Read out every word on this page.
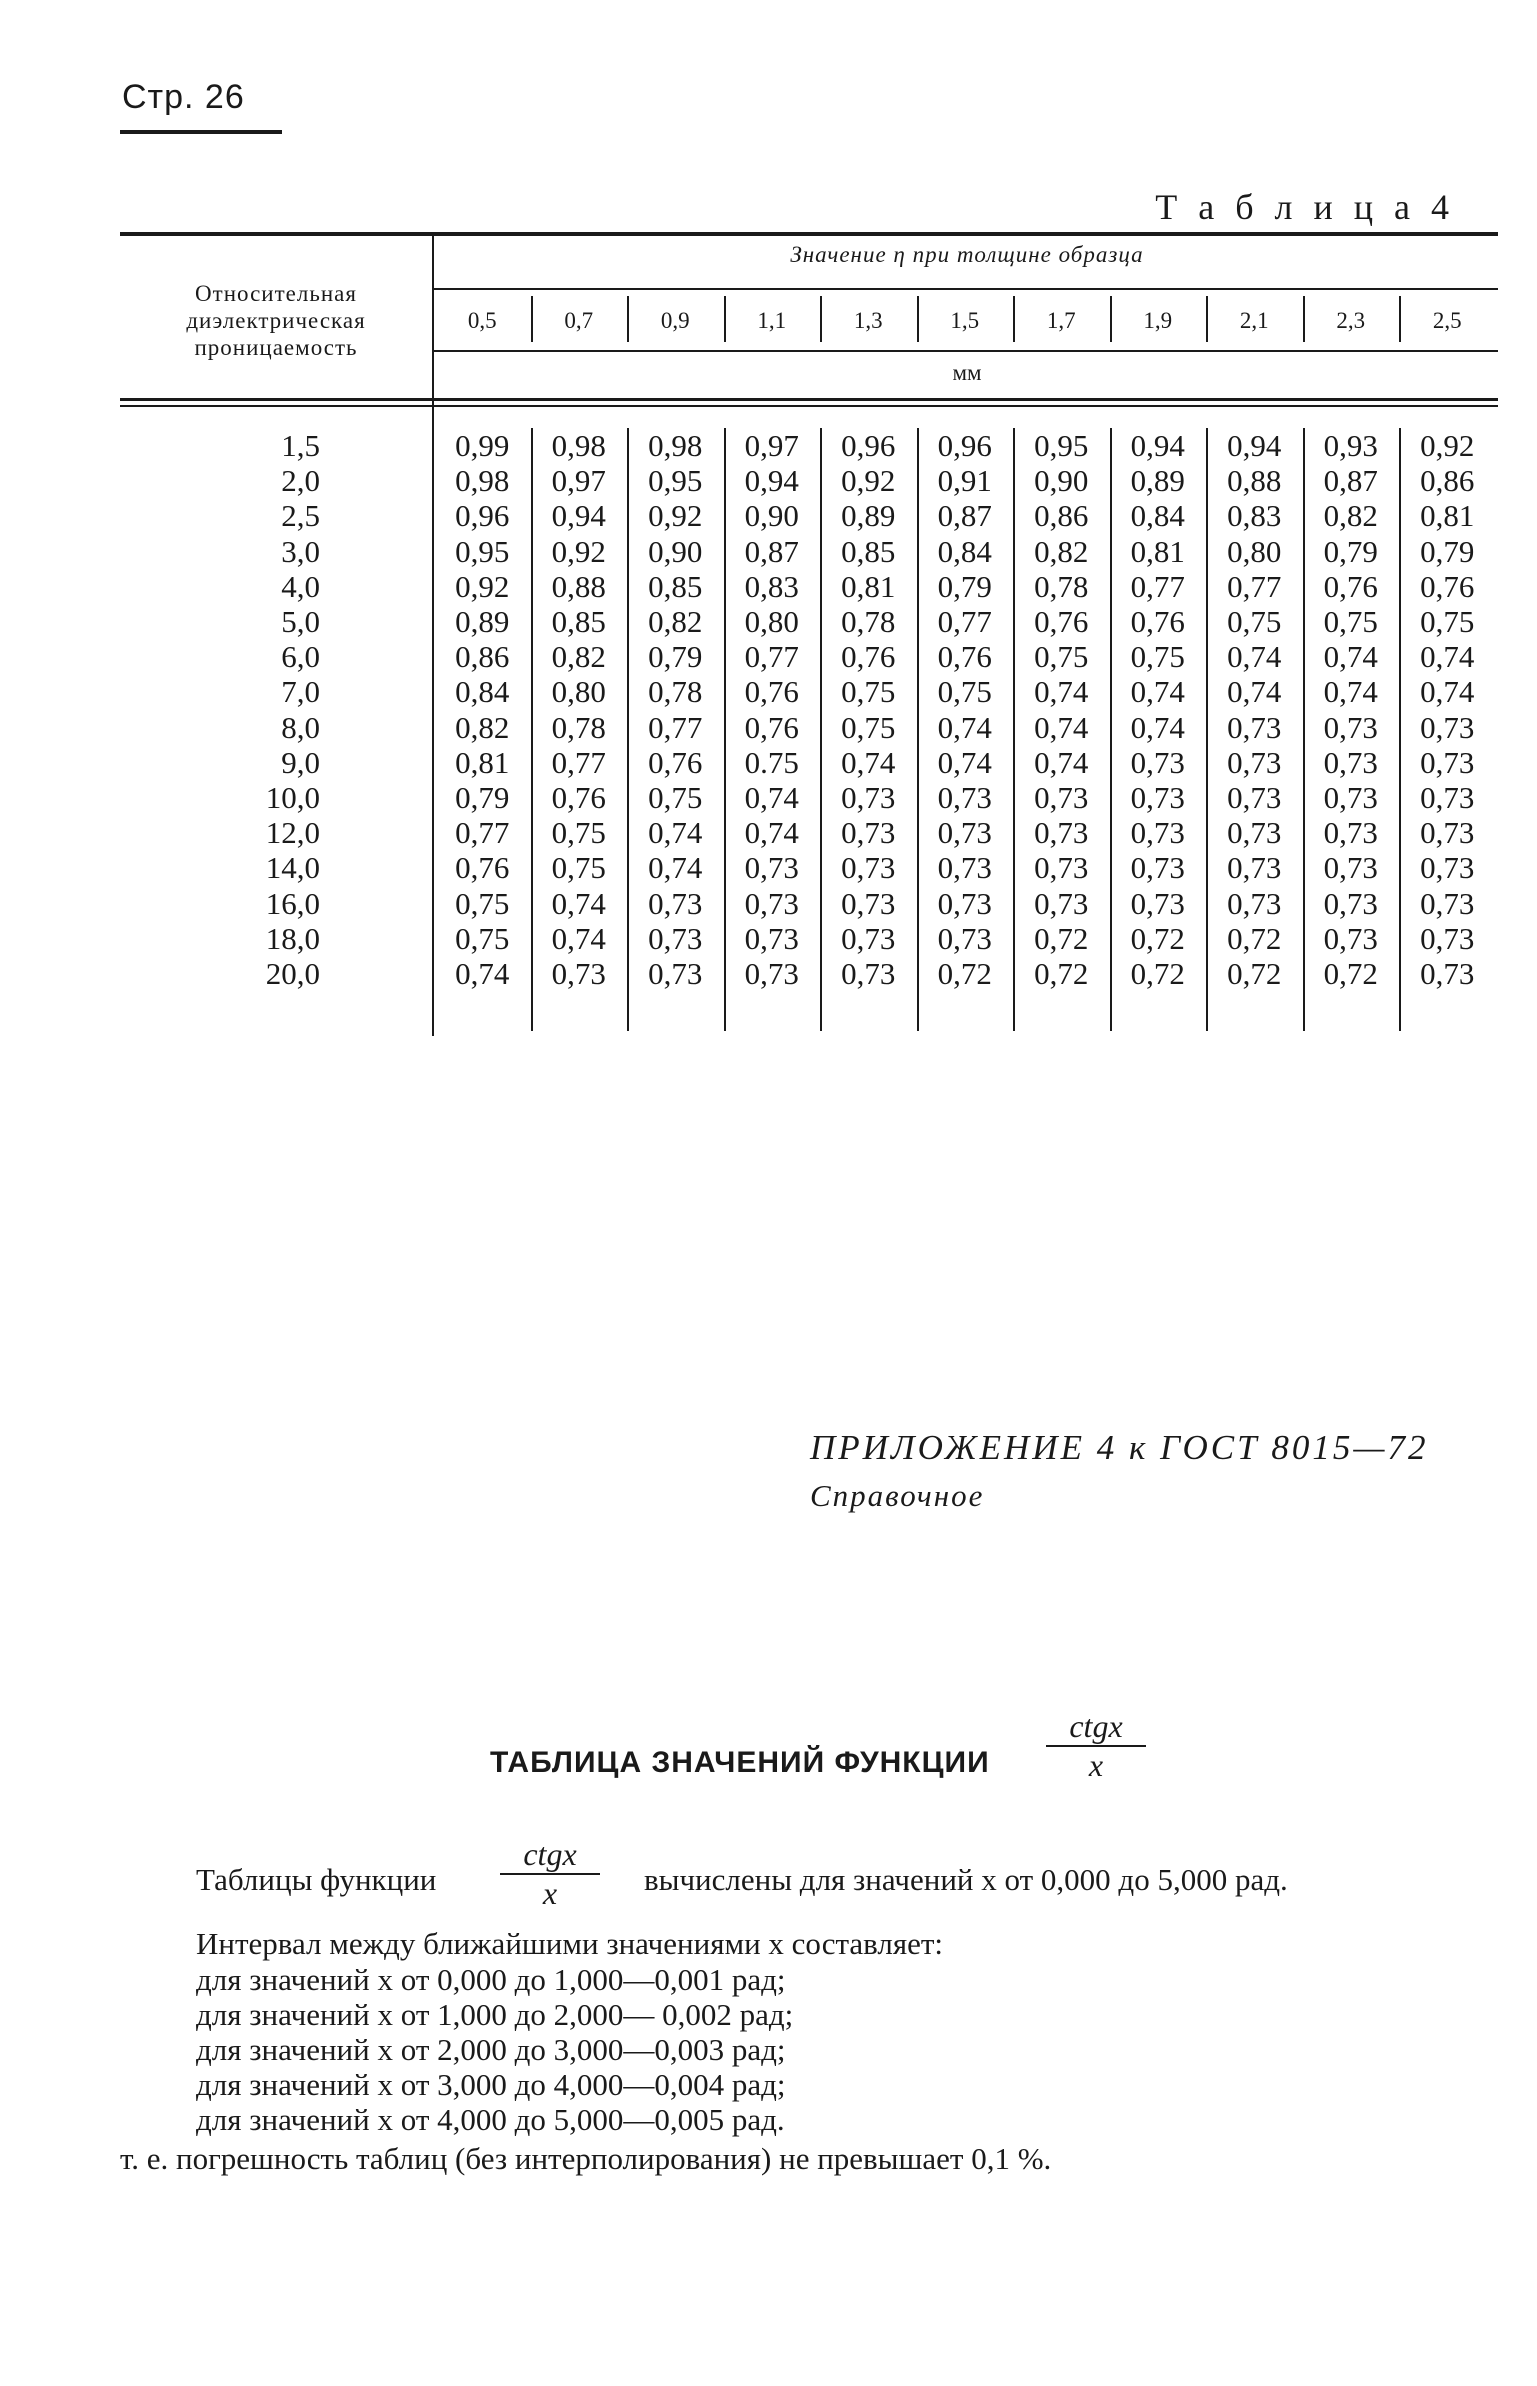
Стр. 26
Т а б л и ц а 4
Относительная
диэлектрическая
проницаемость
Значение η при толщине образца
мм
0,5	0,7	0,9	1,1	1,3	1,5	1,7	1,9	2,1	2,3	2,5
1,5	0,99	0,98	0,98	0,97	0,96	0,96	0,95	0,94	0,94	0,93	0,92
2,0	0,98	0,97	0,95	0,94	0,92	0,91	0,90	0,89	0,88	0,87	0,86
2,5	0,96	0,94	0,92	0,90	0,89	0,87	0,86	0,84	0,83	0,82	0,81
3,0	0,95	0,92	0,90	0,87	0,85	0,84	0,82	0,81	0,80	0,79	0,79
4,0	0,92	0,88	0,85	0,83	0,81	0,79	0,78	0,77	0,77	0,76	0,76
5,0	0,89	0,85	0,82	0,80	0,78	0,77	0,76	0,76	0,75	0,75	0,75
6,0	0,86	0,82	0,79	0,77	0,76	0,76	0,75	0,75	0,74	0,74	0,74
7,0	0,84	0,80	0,78	0,76	0,75	0,75	0,74	0,74	0,74	0,74	0,74
8,0	0,82	0,78	0,77	0,76	0,75	0,74	0,74	0,74	0,73	0,73	0,73
9,0	0,81	0,77	0,76	0.75	0,74	0,74	0,74	0,73	0,73	0,73	0,73
10,0	0,79	0,76	0,75	0,74	0,73	0,73	0,73	0,73	0,73	0,73	0,73
12,0	0,77	0,75	0,74	0,74	0,73	0,73	0,73	0,73	0,73	0,73	0,73
14,0	0,76	0,75	0,74	0,73	0,73	0,73	0,73	0,73	0,73	0,73	0,73
16,0	0,75	0,74	0,73	0,73	0,73	0,73	0,73	0,73	0,73	0,73	0,73
18,0	0,75	0,74	0,73	0,73	0,73	0,73	0,72	0,72	0,72	0,73	0,73
20,0	0,74	0,73	0,73	0,73	0,73	0,72	0,72	0,72	0,72	0,72	0,73
ПРИЛОЖЕНИЕ 4 к ГОСТ 8015—72
Справочное
ТАБЛИЦА ЗНАЧЕНИЙ ФУНКЦИИ
ctgx
x
Таблицы функции
ctgx
x	вычислены для значений x от 0,000 до 5,000 рад.
Интервал между ближайшими значениями x составляет:
для значений x от 0,000 до 1,000—0,001 рад;
для значений x от 1,000 до 2,000— 0,002 рад;
для значений x от 2,000 до 3,000—0,003 рад;
для значений x от 3,000 до 4,000—0,004 рад;
для значений x от 4,000 до 5,000—0,005 рад.
т. е. погрешность таблиц (без интерполирования) не превышает 0,1 %.
